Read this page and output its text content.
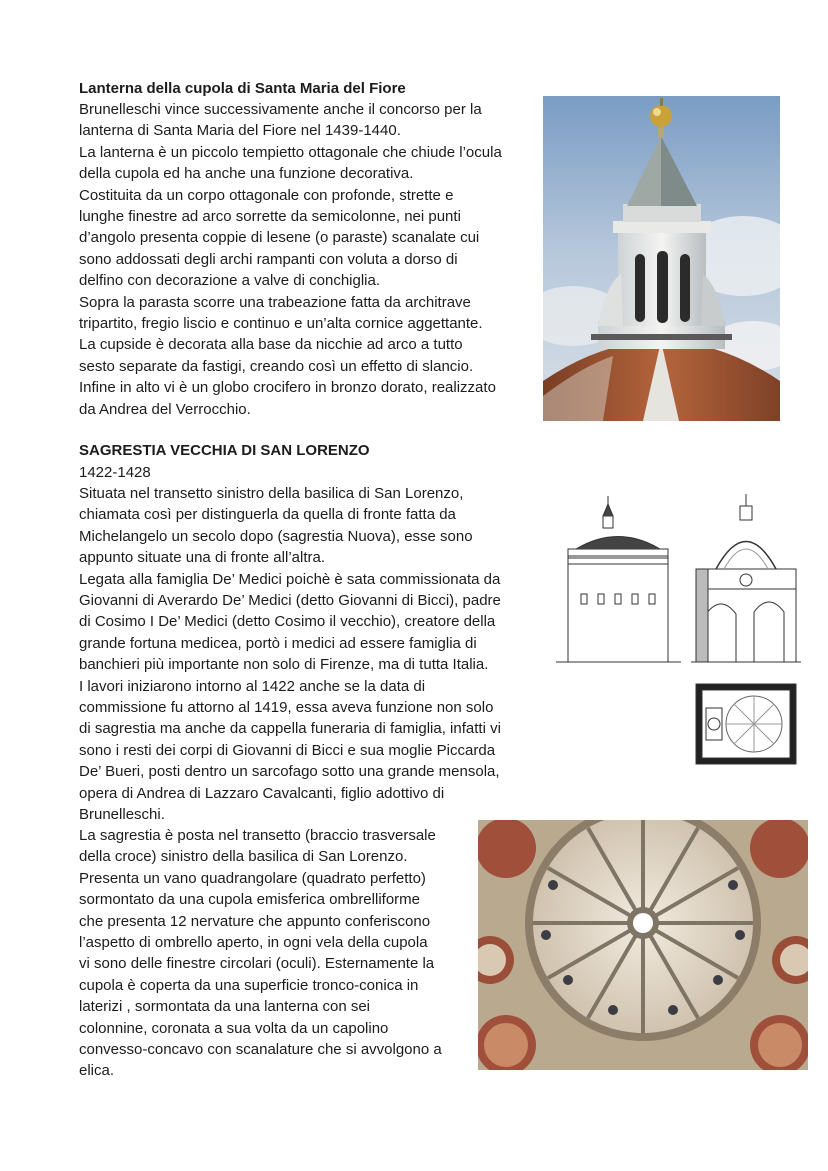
Lanterna della cupola di Santa Maria del Fiore

Brunelleschi vince successivamente anche il concorso per la

lanterna di Santa Maria del Fiore nel 1439-1440.

La lanterna è un piccolo tempietto ottagonale che chiude l’ocula

della cupola ed ha anche una funzione decorativa.

Costituita da un corpo ottagonale con profonde, strette e

lunghe finestre ad arco sorrette da semicolonne, nei punti

d’angolo presenta coppie di lesene (o paraste) scanalate cui

sono addossati degli archi rampanti con voluta a dorso di

delfino con decorazione a valve di conchiglia.

Sopra la parasta scorre una trabeazione fatta da architrave

tripartito, fregio liscio e continuo e un’alta cornice aggettante.

La cupside è decorata alla base da nicchie ad arco a tutto

sesto separate da fastigi, creando così un effetto di slancio.

Infine in alto vi è un globo crocifero in bronzo dorato, realizzato

da Andrea del Verrocchio.

SAGRESTIA VECCHIA DI SAN LORENZO

1422-1428

Situata nel transetto sinistro della basilica di San Lorenzo,

chiamata così per distinguerla da quella di fronte fatta da

Michelangelo un secolo dopo (sagrestia Nuova), esse sono

appunto situate una di fronte all’altra.

Legata alla famiglia De’ Medici poichè è sata commissionata da

Giovanni di Averardo De’ Medici (detto Giovanni di Bicci), padre

di Cosimo I De’ Medici (detto Cosimo il vecchio), creatore della

grande fortuna medicea, portò i medici ad essere famiglia di

banchieri più importante non solo di Firenze, ma di tutta Italia.

I lavori iniziarono intorno al 1422 anche se la data di

commissione fu attorno al 1419, essa aveva funzione non solo

di sagrestia ma anche da cappella funeraria di famiglia, infatti vi

sono i resti dei corpi di Giovanni di Bicci e sua moglie Piccarda

De’ Bueri, posti dentro un sarcofago sotto una grande mensola,

opera di Andrea di Lazzaro Cavalcanti, figlio adottivo di

Brunelleschi.

La sagrestia è posta nel transetto (braccio trasversale

della croce) sinistro della basilica di San Lorenzo.

Presenta un vano quadrangolare (quadrato perfetto)

sormontato da una cupola emisferica ombrelliforme

che presenta 12 nervature che appunto conferiscono

l’aspetto di ombrello aperto, in ogni vela della cupola

vi sono delle finestre circolari (oculi). Esternamente la

cupola è coperta da una superficie tronco-conica in

laterizi , sormontata da una lanterna con sei

colonnine, coronata a sua volta da un capolino

convesso-concavo con scanalature che si avvolgono a

elica.
